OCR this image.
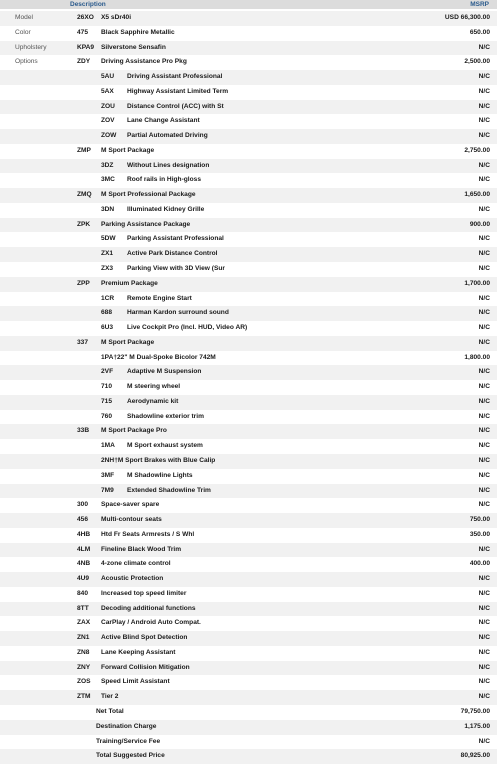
Description	MSRP
Model	26XO X5 sDr40i	USD 66,300.00
Color	475 Black Sapphire Metallic	650.00
Upholstery	KPA9 Silverstone Sensafin	N/C
Options	ZDY Driving Assistance Pro Pkg	2,500.00
5AU Driving Assistant Professional	N/C
5AX Highway Assistant Limited Term	N/C
ZOU Distance Control (ACC) with St	N/C
ZOV Lane Change Assistant	N/C
ZOW Partial Automated Driving	N/C
ZMP M Sport Package	2,750.00
3DZ Without Lines designation	N/C
3MC Roof rails in High-gloss	N/C
ZMQ M Sport Professional Package	1,650.00
3DN Illuminated Kidney Grille	N/C
ZPK Parking Assistance Package	900.00
5DW Parking Assistant Professional	N/C
ZX1 Active Park Distance Control	N/C
ZX3 Parking View with 3D View (Sur	N/C
ZPP Premium Package	1,700.00
1CR Remote Engine Start	N/C
688 Harman Kardon surround sound	N/C
6U3 Live Cockpit Pro (Incl. HUD, Video AR)	N/C
337 M Sport Package	N/C
1PA†22" M Dual-Spoke Bicolor 742M	1,800.00
2VF Adaptive M Suspension	N/C
710 M steering wheel	N/C
715 Aerodynamic kit	N/C
760 Shadowline exterior trim	N/C
33B M Sport Package Pro	N/C
1MA M Sport exhaust system	N/C
2NH†M Sport Brakes with Blue Calip	N/C
3MF M Shadowline Lights	N/C
7M9 Extended Shadowline Trim	N/C
300 Space-saver spare	N/C
456 Multi-contour seats	750.00
4HB Htd Fr Seats Armrests / S Whl	350.00
4LM Fineline Black Wood Trim	N/C
4NB 4-zone climate control	400.00
4U9 Acoustic Protection	N/C
840 Increased top speed limiter	N/C
8TT Decoding additional functions	N/C
ZAX CarPlay / Android Auto Compat.	N/C
ZN1 Active Blind Spot Detection	N/C
ZN8 Lane Keeping Assistant	N/C
ZNY Forward Collision Mitigation	N/C
ZOS Speed Limit Assistant	N/C
ZTM Tier 2	N/C
Net Total	79,750.00
Destination Charge	1,175.00
Training/Service Fee	N/C
Total Suggested Price	80,925.00
